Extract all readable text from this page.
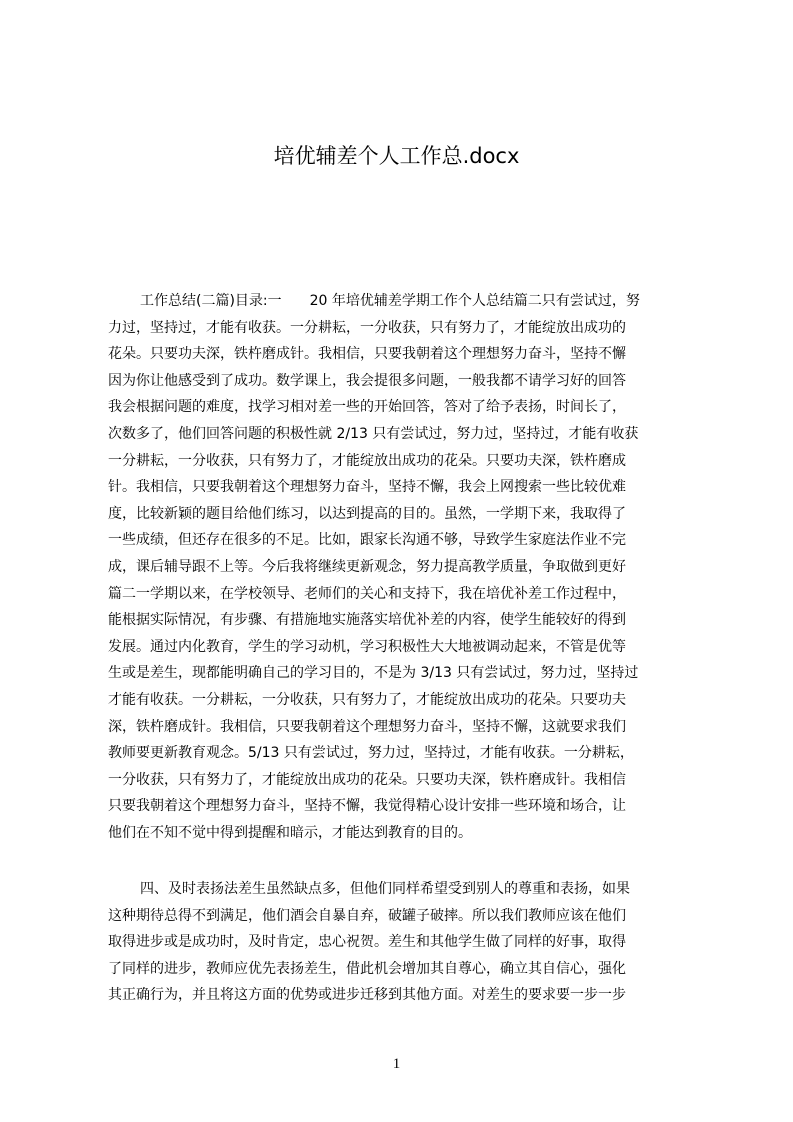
培优辅差个人工作总.docx
工作总结(二篇)目录:一　　20 年培优辅差学期工作个人总结篇二只有尝试过，努
力过，坚持过，才能有收获。一分耕耘，一分收获，只有努力了，才能绽放出成功的
花朵。只要功夫深，铁杵磨成针。我相信，只要我朝着这个理想努力奋斗，坚持不懈
因为你让他感受到了成功。数学课上，我会提很多问题，一般我都不请学习好的回答
我会根据问题的难度，找学习相对差一些的开始回答，答对了给予表扬，时间长了，
次数多了，他们回答问题的积极性就 2/13 只有尝试过，努力过，坚持过，才能有收获
一分耕耘，一分收获，只有努力了，才能绽放出成功的花朵。只要功夫深，铁杵磨成
针。我相信，只要我朝着这个理想努力奋斗，坚持不懈，我会上网搜索一些比较优难
度，比较新颖的题目给他们练习，以达到提高的目的。虽然，一学期下来，我取得了
一些成绩，但还存在很多的不足。比如，跟家长沟通不够，导致学生家庭法作业不完
成，课后辅导跟不上等。今后我将继续更新观念，努力提高教学质量，争取做到更好
篇二一学期以来，在学校领导、老师们的关心和支持下，我在培优补差工作过程中，
能根据实际情况，有步骤、有措施地实施落实培优补差的内容，使学生能较好的得到
发展。通过内化教育，学生的学习动机，学习积极性大大地被调动起来，不管是优等
生或是差生，现都能明确自己的学习目的，不是为 3/13 只有尝试过，努力过，坚持过
才能有收获。一分耕耘，一分收获，只有努力了，才能绽放出成功的花朵。只要功夫
深，铁杵磨成针。我相信，只要我朝着这个理想努力奋斗，坚持不懈，这就要求我们
教师要更新教育观念。5/13 只有尝试过，努力过，坚持过，才能有收获。一分耕耘，
一分收获，只有努力了，才能绽放出成功的花朵。只要功夫深，铁杵磨成针。我相信
只要我朝着这个理想努力奋斗，坚持不懈，我觉得精心设计安排一些环境和场合，让
他们在不知不觉中得到提醒和暗示，才能达到教育的目的。
四、及时表扬法差生虽然缺点多，但他们同样希望受到别人的尊重和表扬，如果
这种期待总得不到满足，他们酒会自暴自弃，破罐子破摔。所以我们教师应该在他们
取得进步或是成功时，及时肯定，忠心祝贺。差生和其他学生做了同样的好事，取得
了同样的进步，教师应优先表扬差生，借此机会增加其自尊心，确立其自信心，强化
其正确行为，并且将这方面的优势或进步迁移到其他方面。对差生的要求要一步一步
1
